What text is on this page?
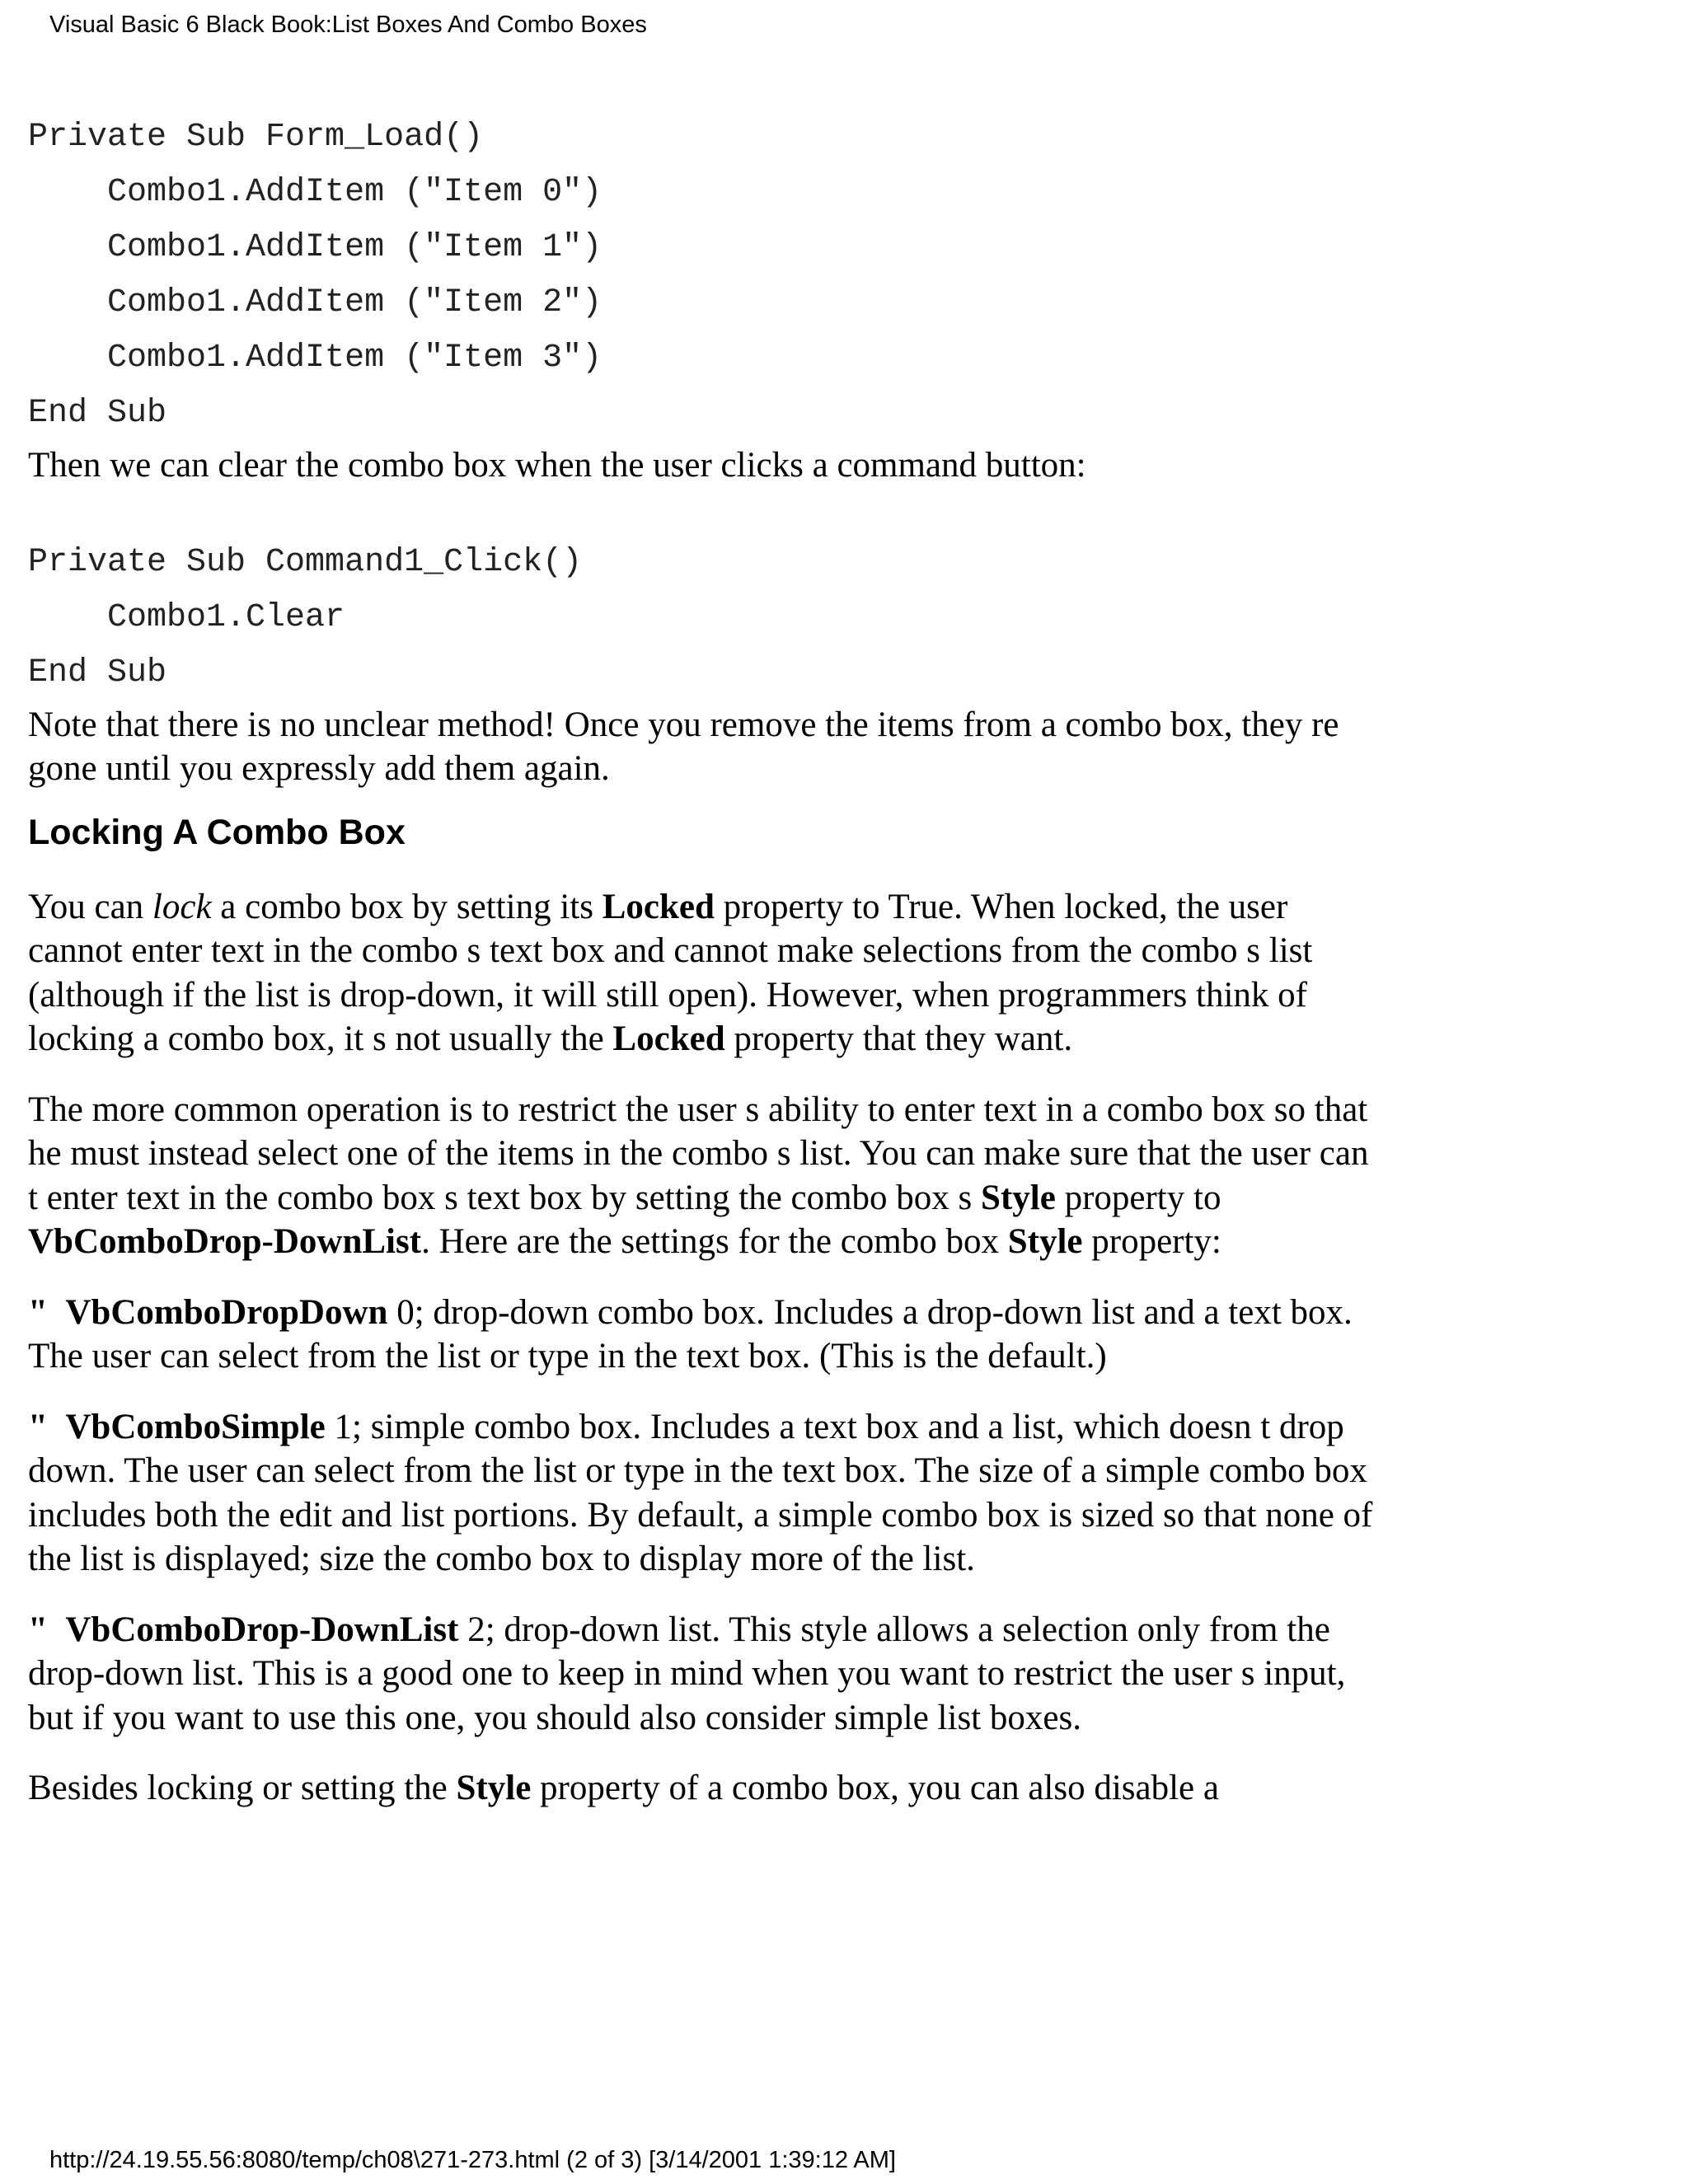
Visual Basic 6 Black Book:List Boxes And Combo Boxes
Private Sub Form_Load()
Combo1.AddItem ("Item 0")
Combo1.AddItem ("Item 1")
Combo1.AddItem ("Item 2")
Combo1.AddItem ("Item 3")
End Sub

Then we can clear the combo box when the user clicks a command button:

Private Sub Command1_Click()
Combo1.Clear
End Sub

Note that there is no unclear method! Once you remove the items from a combo box, they re gone until you expressly add them again.

Locking A Combo Box

You can lock a combo box by setting its Locked property to True. When locked, the user cannot enter text in the combo s text box and cannot make selections from the combo s list (although if the list is drop-down, it will still open). However, when programmers think of locking a combo box, it s not usually the Locked property that they want.

The more common operation is to restrict the user s ability to enter text in a combo box so that he must instead select one of the items in the combo s list. You can make sure that the user can t enter text in the combo box s text box by setting the combo box s Style property to VbComboDrop-DownList. Here are the settings for the combo box Style property:

" VbComboDropDown 0; drop-down combo box. Includes a drop-down list and a text box. The user can select from the list or type in the text box. (This is the default.)

" VbComboSimple 1; simple combo box. Includes a text box and a list, which doesn t drop down. The user can select from the list or type in the text box. The size of a simple combo box includes both the edit and list portions. By default, a simple combo box is sized so that none of the list is displayed; size the combo box to display more of the list.

" VbComboDrop-DownList 2; drop-down list. This style allows a selection only from the drop-down list. This is a good one to keep in mind when you want to restrict the user s input, but if you want to use this one, you should also consider simple list boxes.

Besides locking or setting the Style property of a combo box, you can also disable a

http://24.19.55.56:8080/temp/ch08\271-273.html (2 of 3) [3/14/2001 1:39:12 AM]
